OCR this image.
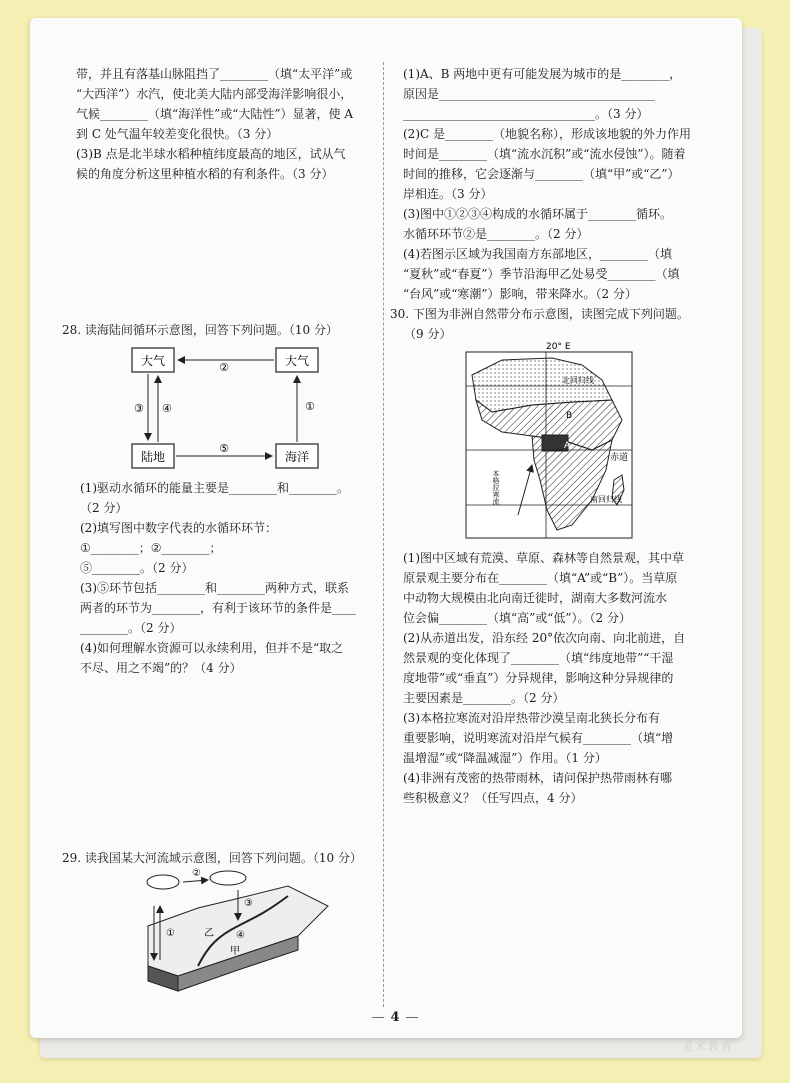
带，并且有落基山脉阻挡了________（填“太平洋”或

“大西洋”）水汽，使北美大陆内部受海洋影响很小，

气候________（填“海洋性”或“大陆性”）显著，使 A

到 C 处气温年较差变化很快。（3 分）

(3)B 点是北半球水稻种植纬度最高的地区，试从气

候的角度分析这里种植水稻的有利条件。（3 分）

28. 读海陆间循环示意图，回答下列问题。（10 分）

大气	大气
陆地	海洋
②
⑤
①
③ ④

(1)驱动水循环的能量主要是________和________。

（2 分）

(2)填写图中数字代表的水循环环节：

①________；②________；

⑤________。（2 分）

(3)⑤环节包括________和________两种方式，联系

两者的环节为________，有利于该环节的条件是____

________。（2 分）

(4)如何理解水资源可以永续利用，但并不是“取之

不尽、用之不竭”的？（4 分）

29. 读我国某大河流域示意图，回答下列问题。（10 分）

②
①
③
④
乙
甲

(1)A、B 两地中更有可能发展为城市的是________，

原因是____________________________________

________________________________。（3 分）

(2)C 是________（地貌名称），形成该地貌的外力作用

时间是________（填“流水沉积”或“流水侵蚀”）。随着

时间的推移，它会逐渐与________（填“甲”或“乙”）

岸相连。（3 分）

(3)图中①②③④构成的水循环属于________循环。

水循环环节②是________。（2 分）

(4)若图示区域为我国南方东部地区，________（填

“夏秋”或“春夏”）季节沿海甲乙处易受________（填

“台风”或“寒潮”）影响，带来降水。（2 分）

30. 下图为非洲自然带分布示意图，读图完成下列问题。

（9 分）

20° E
北回归线
赤道
南回归线
A
B
本格拉寒流

(1)图中区域有荒漠、草原、森林等自然景观，其中草

原景观主要分布在________（填“A”或“B”）。当草原

中动物大规模由北向南迁徙时，湖南大多数河流水

位会偏________（填“高”或“低”）。（2 分）

(2)从赤道出发，沿东经 20°依次向南、向北前进，自

然景观的变化体现了________（填“纬度地带”“干湿

度地带”或“垂直”）分异规律，影响这种分异规律的

主要因素是________。（2 分）

(3)本格拉寒流对沿岸热带沙漠呈南北狭长分布有

重要影响，说明寒流对沿岸气候有________（填“增

温增湿”或“降温减湿”）作用。（1 分）

(4)非洲有茂密的热带雨林，请问保护热带雨林有哪

些积极意义？（任写四点，4 分）

— 4 —
美术教育
